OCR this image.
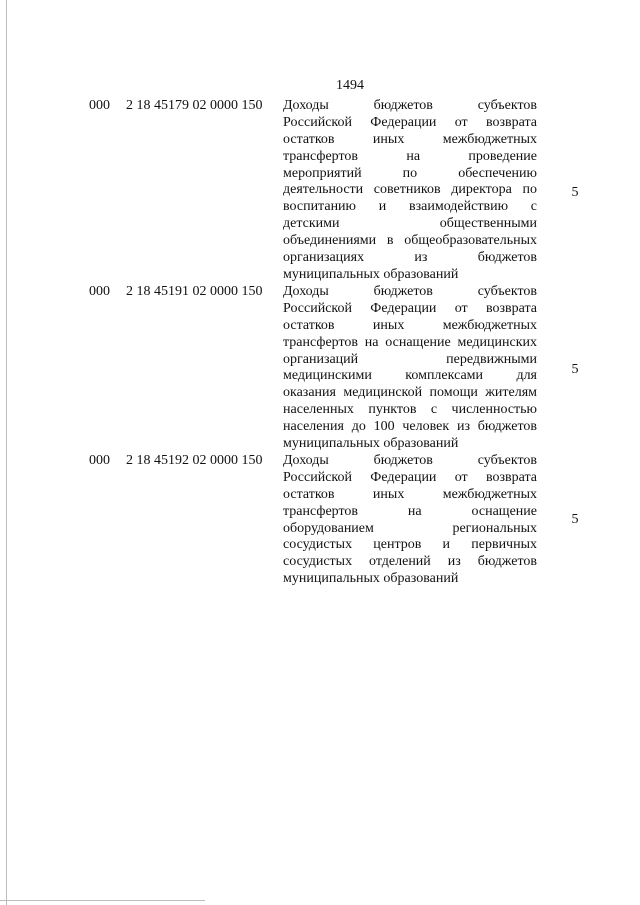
1494
000 2 18 45179 02 0000 150 Доходы бюджетов субъектов
Российской Федерации от возврата
остатков иных межбюджетных
трансфертов на проведение
мероприятий по обеспечению
деятельности советников директора по
воспитанию и взаимодействию с
детскими общественными
объединениями в общеобразовательных
организациях из бюджетов
муниципальных образований
5
000 2 18 45191 02 0000 150 Доходы бюджетов субъектов
Российской Федерации от возврата
остатков иных межбюджетных
трансфертов на оснащение медицинских
организаций передвижными
медицинскими комплексами для
оказания медицинской помощи жителям
населенных пунктов с численностью
населения до 100 человек из бюджетов
муниципальных образований
5
000 2 18 45192 02 0000 150 Доходы бюджетов субъектов
Российской Федерации от возврата
остатков иных межбюджетных
трансфертов на оснащение
оборудованием региональных
сосудистых центров и первичных
сосудистых отделений из бюджетов
муниципальных образований
5
